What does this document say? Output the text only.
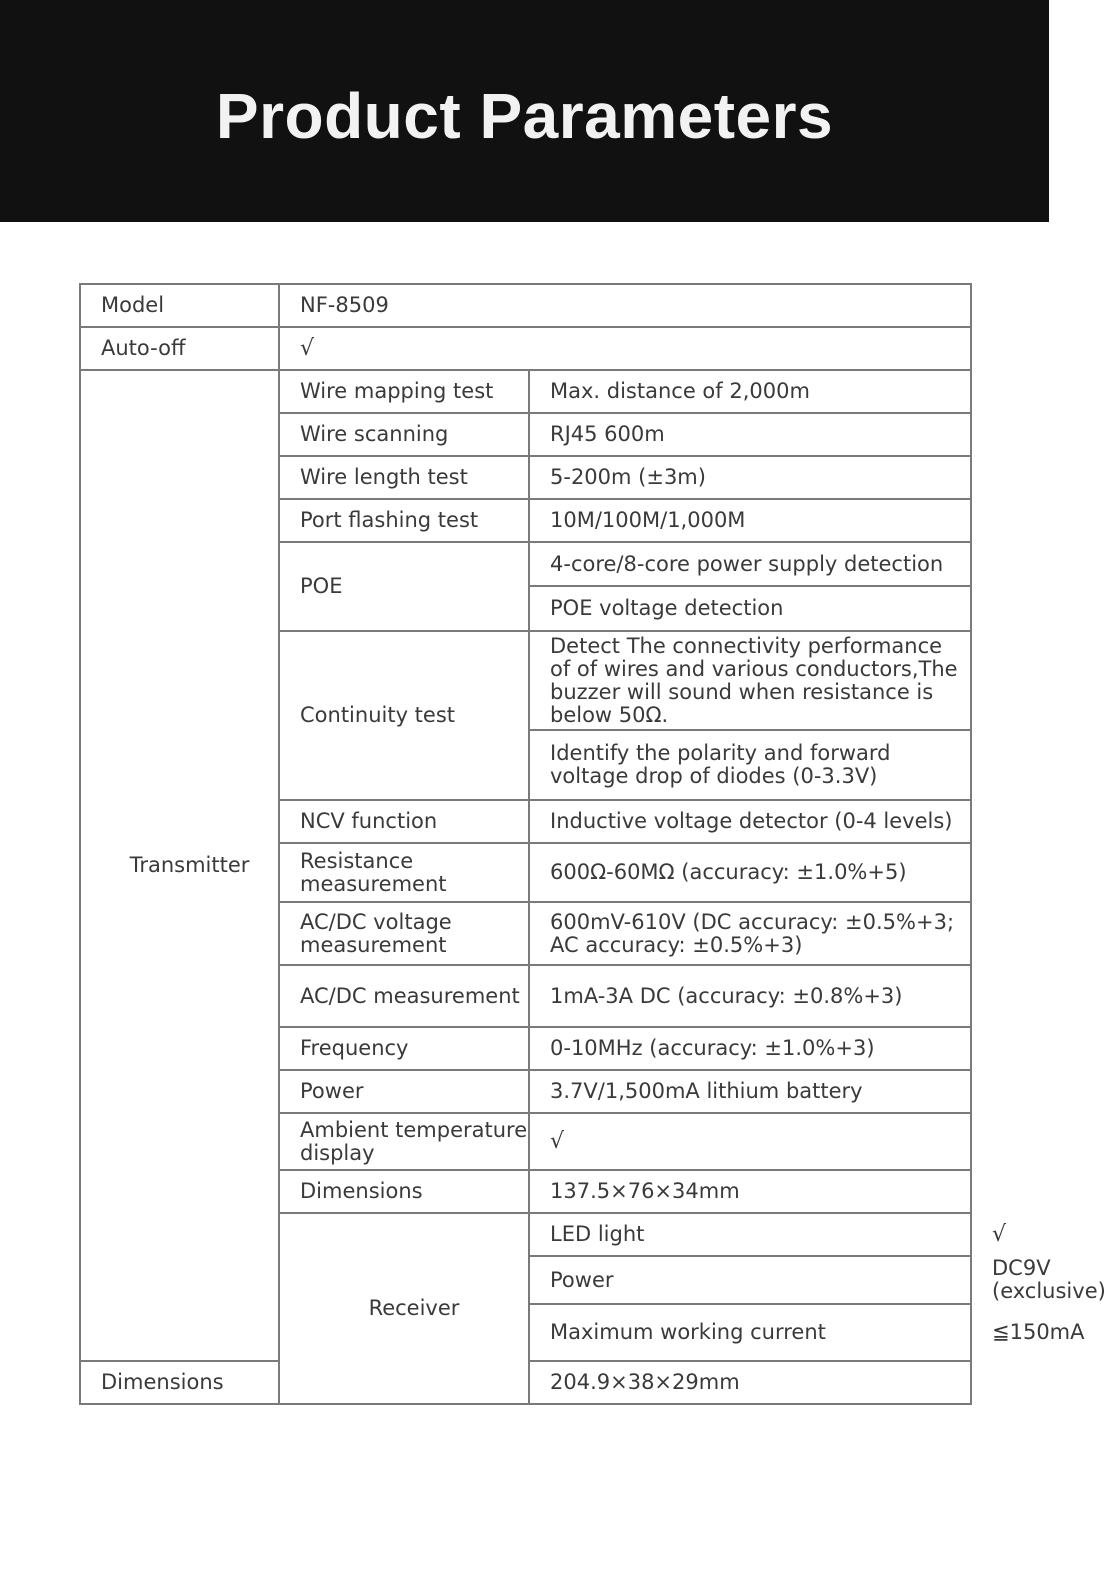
Product Parameters
Model	NF-8509		
Auto-off	√		
Transmitter	Wire mapping test	Max. distance of 2,000m	
	Wire scanning	RJ45 600m	
	Wire length test	5-200m (±3m)	
	Port flashing test	10M/100M/1,000M	
	POE	4-core/8-core power supply detection	
		POE voltage detection	
	Continuity test	Detect The connectivity performance of of wires and various conductors,The buzzer will sound when resistance is below 50Ω.	
		Identify the polarity and forward voltage drop of diodes (0-3.3V)	
	NCV function	Inductive voltage detector (0-4 levels)	
	Resistance measurement	600Ω-60MΩ (accuracy: ±1.0%+5)	
	AC/DC voltage measurement	600mV-610V (DC accuracy: ±0.5%+3; AC accuracy: ±0.5%+3)	
	AC/DC measurement	1mA-3A DC (accuracy: ±0.8%+3)	
	Frequency	0-10MHz (accuracy: ±1.0%+3)	
	Power	3.7V/1,500mA lithium battery	
	Ambient temperature display	√	
	Dimensions	137.5×76×34mm	
	Receiver	LED light	√
		Power	DC9V (exclusive)
		Maximum working current	≦150mA
Dimensions		204.9×38×29mm	
